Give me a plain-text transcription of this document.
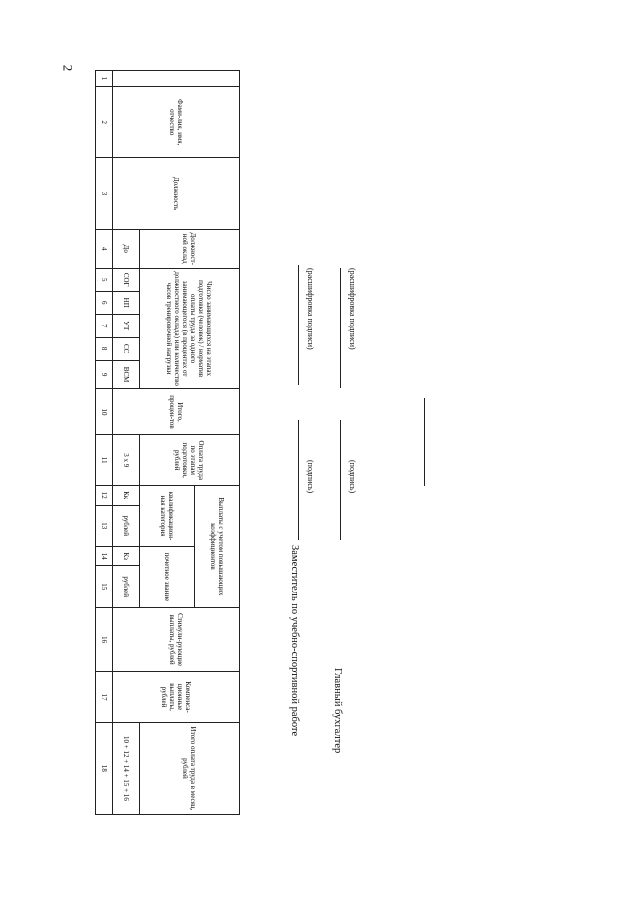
2
	Фами-лия, имя, отчество	Должность	Должност-ной оклад	Число занимающихся на этапах подготовки (человек) / норматив оплаты труда за одного занимающегося (в процентах от должностного оклада) или количество часов тренировочной нагрузки					Итого, процен-тов	Оплата труда по этапам подготовки, рублей	Выплаты с учетом повышающих коэффициентов				Стимули-рующие выплаты, рублей	Компенса-ционные выплаты, рублей	Итого оплата труда в месяц, рублей
											квалификацион-ная категория		почетное звание				
			До	СОГ	НП	УТ	СС	ВСМ		3 x 9	Кк	рублей	Кз	рублей			10 + 12 + 14 + 15 + 16
1	2	3	4	5	6	7	8	9	10	11	12	13	14	15	16	17	18
Заместитель по учебно-спортивной работе
(подпись)
(расшифровка подписи)
Главный бухгалтер
(подпись)
(расшифровка подписи)
